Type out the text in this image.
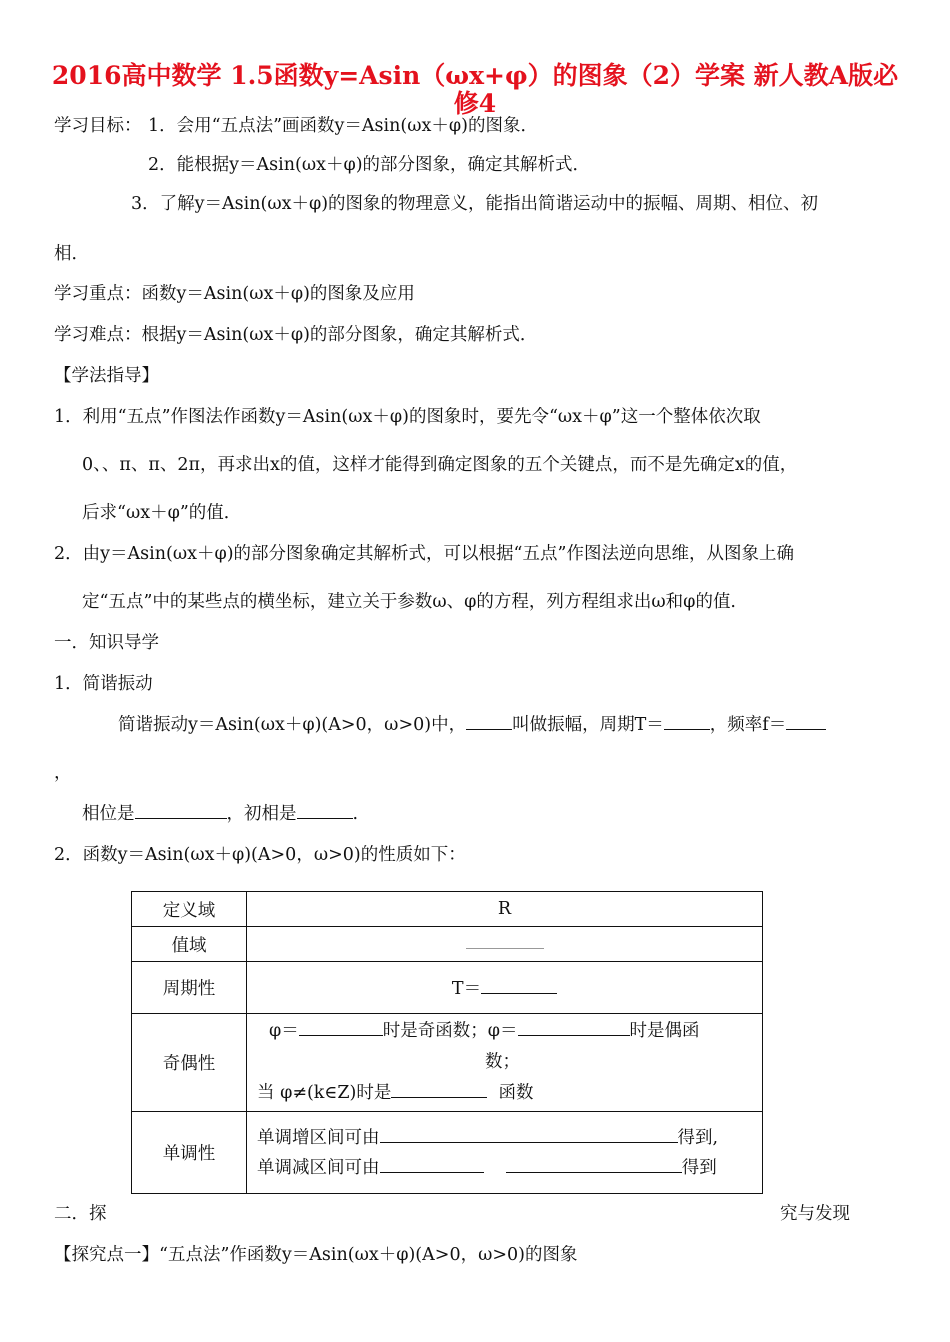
2016高中数学 1.5函数y=Asin（ωx+φ）的图象（2）学案 新人教A版必
修4
学习目标： 1．会用“五点法”画函数y＝Asin(ωx＋φ)的图象．
2．能根据y＝Asin(ωx＋φ)的部分图象，确定其解析式．
3．了解y＝Asin(ωx＋φ)的图象的物理意义，能指出简谐运动中的振幅、周期、相位、初
相．
学习重点：函数y＝Asin(ωx＋φ)的图象及应用
学习难点：根据y＝Asin(ωx＋φ)的部分图象，确定其解析式．
【学法指导】
1．利用“五点”作图法作函数y＝Asin(ωx＋φ)的图象时，要先令“ωx＋φ”这一个整体依次取
0、、π、π、2π，再求出x的值，这样才能得到确定图象的五个关键点，而不是先确定x的值，
后求“ωx＋φ”的值．
2．由y＝Asin(ωx＋φ)的部分图象确定其解析式，可以根据“五点”作图法逆向思维，从图象上确
定“五点”中的某些点的横坐标，建立关于参数ω、φ的方程，列方程组求出ω和φ的值.
一．知识导学
1．简谐振动
简谐振动y＝Asin(ωx＋φ)(A>0，ω>0)中，	叫做振幅，周期T＝	，频率f＝
，
相位是	，初相是	.
2．函数y＝Asin(ωx＋φ)(A>0，ω>0)的性质如下：
定义域	R
值域	
周期性	T＝
奇偶性	φ＝ 时是奇函数；φ＝ 时是偶函
数；
当 φ≠(k∈Z)时是 函数

单调性	单调增区间可由 得到,
单调减区间可由 得到
二．探	究与发现
【探究点一】“五点法”作函数y＝Asin(ωx＋φ)(A>0，ω>0)的图象
